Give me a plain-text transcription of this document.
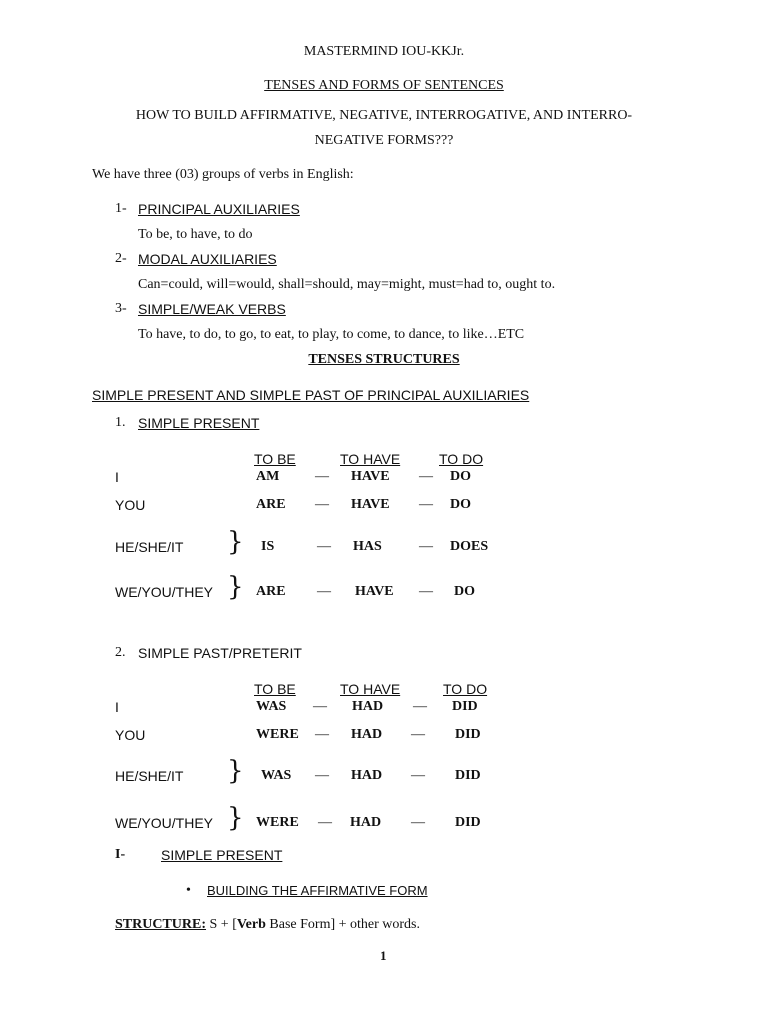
MASTERMIND IOU-KKJr.
TENSES AND FORMS OF SENTENCES
HOW TO BUILD AFFIRMATIVE, NEGATIVE, INTERROGATIVE, AND INTERRO-
NEGATIVE FORMS???
We have three (03) groups of verbs in English:
1- PRINCIPAL AUXILIARIES
To be, to have, to do
2- MODAL AUXILIARIES
Can=could, will=would, shall=should, may=might, must=had to, ought to.
3- SIMPLE/WEAK VERBS
To have, to do, to go, to eat, to play, to come, to dance, to like…ETC
TENSES STRUCTURES
SIMPLE PRESENT AND SIMPLE PAST OF PRINCIPAL AUXILIARIES
1. SIMPLE PRESENT
TO BE	TO HAVE	TO DO
I	AM	— HAVE — DO
YOU	ARE — HAVE — DO
HE/SHE/IT } IS	— HAS	— DOES
WE/YOU/THEY } ARE — HAVE — DO
2. SIMPLE PAST/PRETERIT
TO BE	TO HAVE	TO DO
I	WAS — HAD — DID
YOU	WERE — HAD — DID
HE/SHE/IT } WAS — HAD — DID
WE/YOU/THEY } WERE — HAD — DID
I-	SIMPLE PRESENT
• BUILDING THE AFFIRMATIVE FORM
STRUCTURE: S + [Verb Base Form] + other words.
1
